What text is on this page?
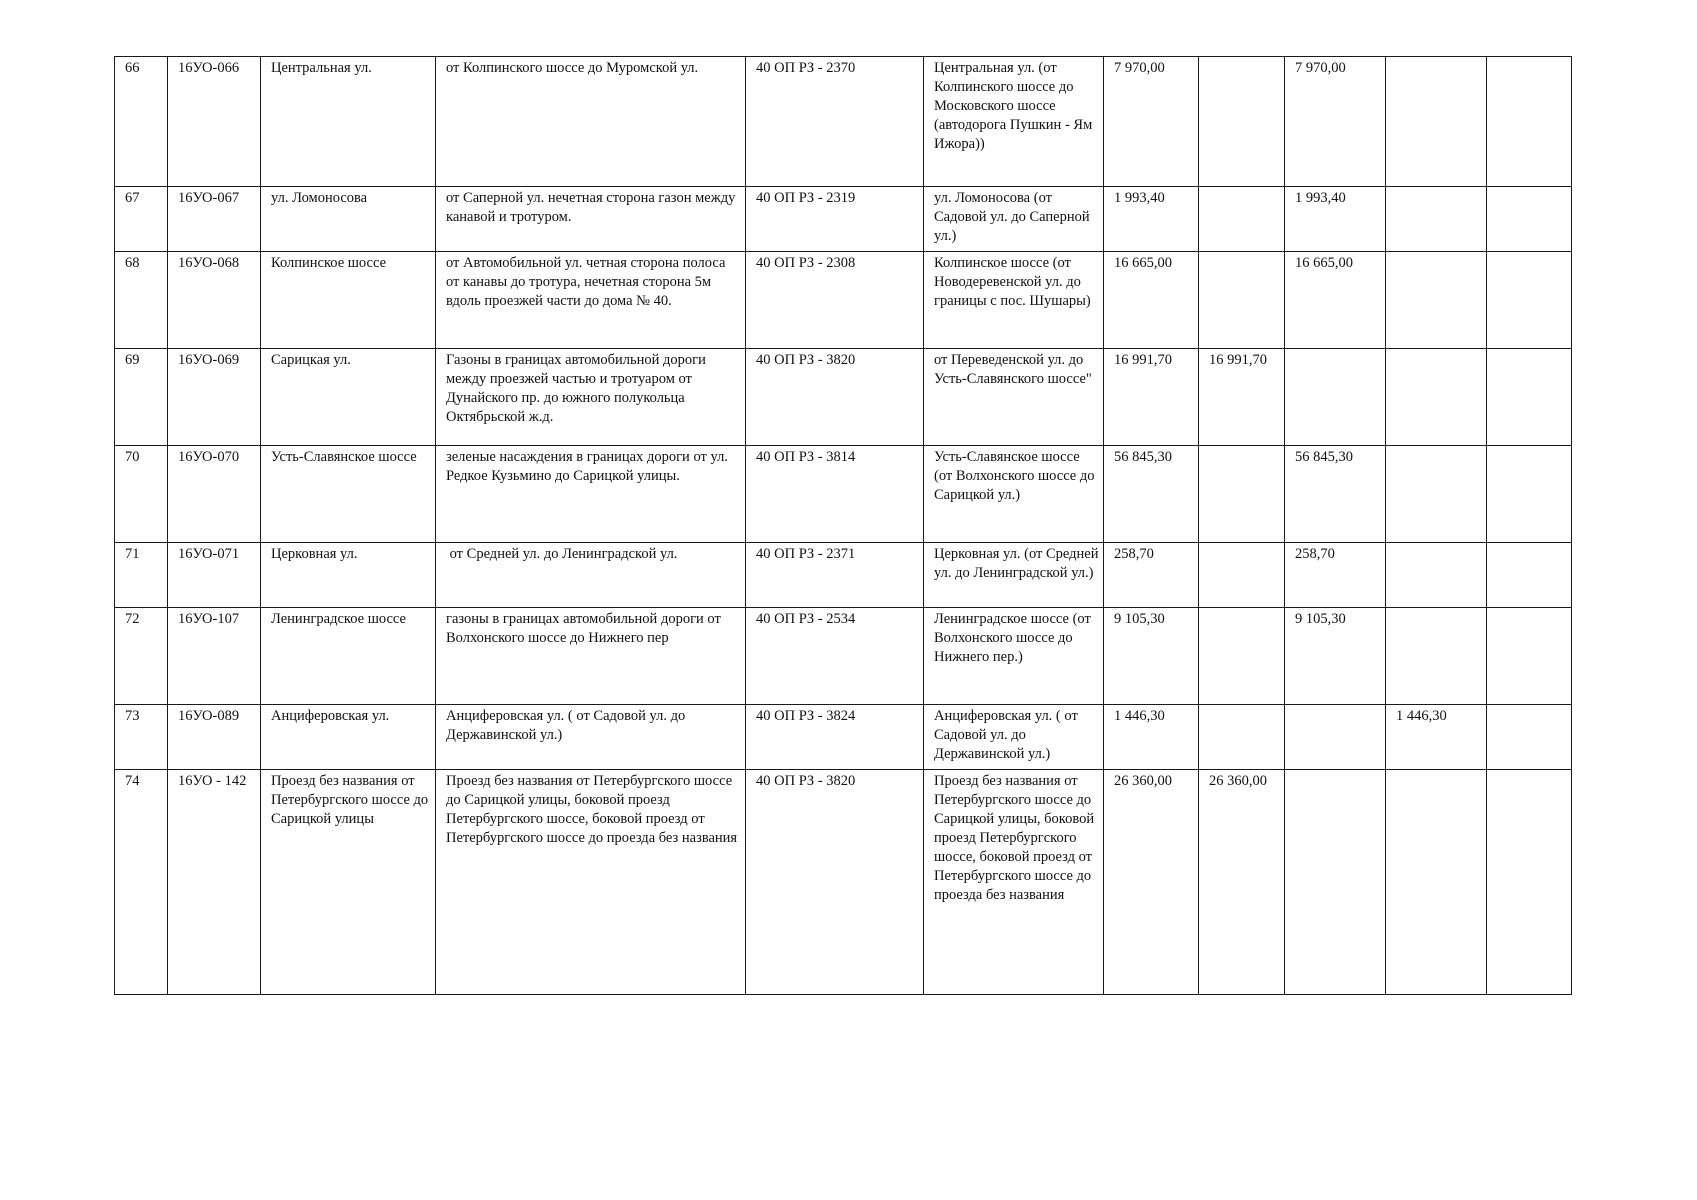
66	16УО-066	Центральная ул.	от Колпинского шоссе до Муромской ул.	40 ОП РЗ - 2370	Центральная ул. (от Колпинского шоссе до Московского шоссе (автодорога Пушкин - Ям Ижора))	7 970,00		7 970,00		
67	16УО-067	ул. Ломоносова	от Саперной ул. нечетная сторона газон между канавой и тротуром.	40 ОП РЗ - 2319	ул. Ломоносова (от Садовой ул. до Саперной ул.)	1 993,40		1 993,40		
68	16УО-068	Колпинское шоссе	от Автомобильной ул. четная сторона полоса от канавы до тротура, нечетная сторона 5м вдоль проезжей части до дома № 40.	40 ОП РЗ - 2308	Колпинское шоссе (от Новодеревенской ул. до границы с пос. Шушары)	16 665,00		16 665,00		
69	16УО-069	Сарицкая ул.	Газоны в границах автомобильной дороги между проезжей частью и тротуаром от Дунайского пр. до южного полукольца Октябрьской ж.д.	40 ОП РЗ - 3820	от Переведенской ул. до Усть-Славянского шоссе"	16 991,70	16 991,70			
70	16УО-070	Усть-Славянское шоссе	зеленые насаждения в границах дороги от ул. Редкое Кузьмино до Сарицкой улицы.	40 ОП РЗ - 3814	Усть-Славянское шоссе (от Волхонского шоссе до Сарицкой ул.)	56 845,30		56 845,30		
71	16УО-071	Церковная ул.	от Средней ул. до Ленинградской ул.	40 ОП РЗ - 2371	Церковная ул. (от Средней ул. до Ленинградской ул.)	258,70		258,70		
72	16УО-107	Ленинградское шоссе	газоны в границах автомобильной дороги от Волхонского шоссе до Нижнего пер	40 ОП РЗ - 2534	Ленинградское шоссе (от Волхонского шоссе до Нижнего пер.)	9 105,30		9 105,30		
73	16УО-089	Анциферовская ул.	Анциферовская ул. ( от Садовой ул. до Державинской ул.)	40 ОП РЗ - 3824	Анциферовская ул. ( от Садовой ул. до Державинской ул.)	1 446,30			1 446,30	
74	16УО - 142	Проезд без названия от Петербургского шоссе до Сарицкой улицы	Проезд без названия от Петербургского шоссе до Сарицкой улицы, боковой проезд Петербургского шоссе, боковой проезд от Петербургского шоссе до проезда без названия	40 ОП РЗ - 3820	Проезд без названия от Петербургского шоссе до Сарицкой улицы, боковой проезд Петербургского шоссе, боковой проезд от Петербургского шоссе до проезда без названия	26 360,00	26 360,00			
